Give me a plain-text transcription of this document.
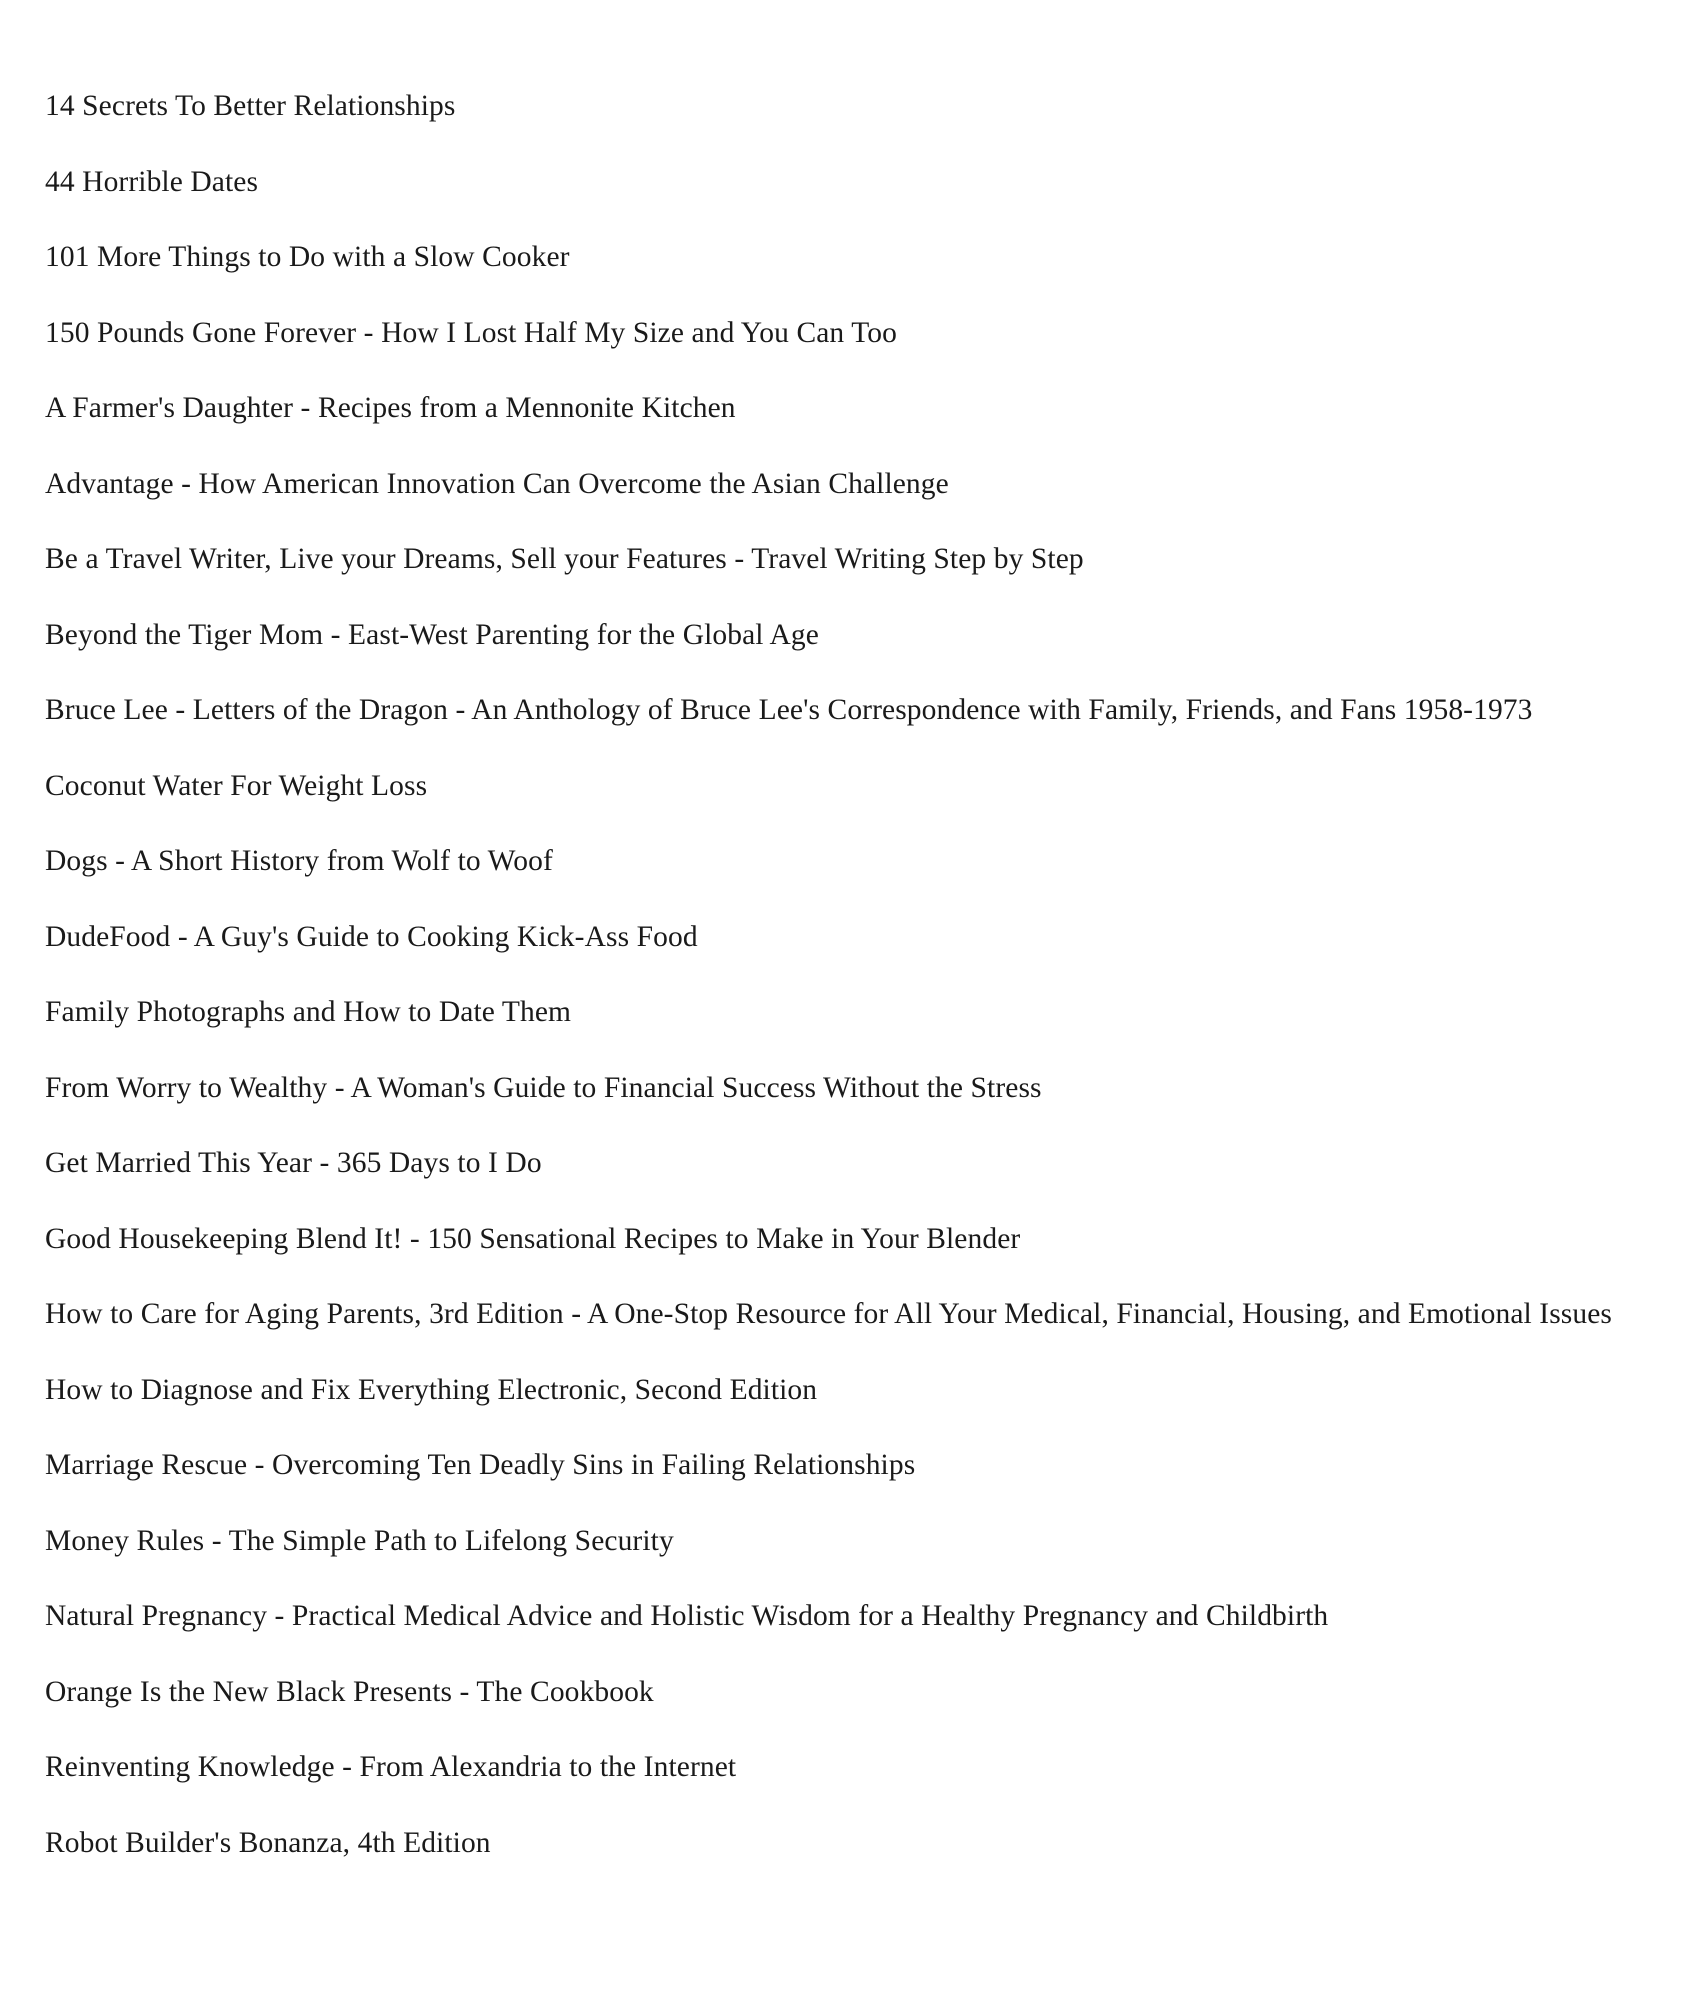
14 Secrets To Better Relationships
44 Horrible Dates
101 More Things to Do with a Slow Cooker
150 Pounds Gone Forever - How I Lost Half My Size and You Can Too
A Farmer's Daughter - Recipes from a Mennonite Kitchen
Advantage - How American Innovation Can Overcome the Asian Challenge
Be a Travel Writer, Live your Dreams, Sell your Features - Travel Writing Step by Step
Beyond the Tiger Mom - East-West Parenting for the Global Age
Bruce Lee - Letters of the Dragon - An Anthology of Bruce Lee's Correspondence with Family, Friends, and Fans 1958-1973
Coconut Water For Weight Loss
Dogs - A Short History from Wolf to Woof
DudeFood - A Guy's Guide to Cooking Kick-Ass Food
Family Photographs and How to Date Them
From Worry to Wealthy - A Woman's Guide to Financial Success Without the Stress
Get Married This Year - 365 Days to I Do
Good Housekeeping Blend It! - 150 Sensational Recipes to Make in Your Blender
How to Care for Aging Parents, 3rd Edition - A One-Stop Resource for All Your Medical, Financial, Housing, and Emotional Issues
How to Diagnose and Fix Everything Electronic, Second Edition
Marriage Rescue - Overcoming Ten Deadly Sins in Failing Relationships
Money Rules - The Simple Path to Lifelong Security
Natural Pregnancy - Practical Medical Advice and Holistic Wisdom for a Healthy Pregnancy and Childbirth
Orange Is the New Black Presents - The Cookbook
Reinventing Knowledge - From Alexandria to the Internet
Robot Builder's Bonanza, 4th Edition
